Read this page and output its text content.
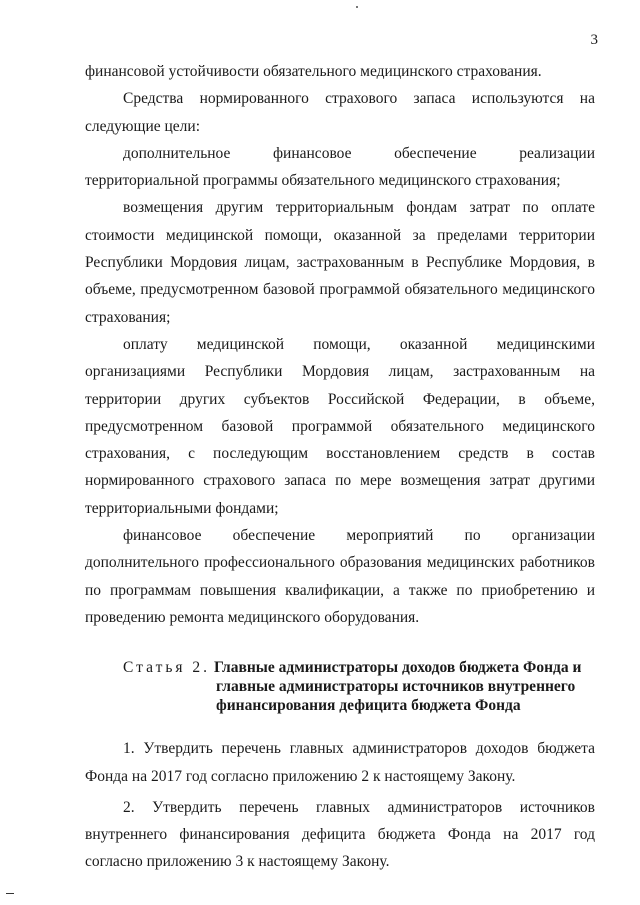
3

финансовой устойчивости обязательного медицинского страхования.

Средства нормированного страхового запаса используются на следующие цели:

дополнительное финансовое обеспечение реализации территориальной программы обязательного медицинского страхования;

возмещения другим территориальным фондам затрат по оплате стоимости медицинской помощи, оказанной за пределами территории Республики Мордовия лицам, застрахованным в Республике Мордовия, в объеме, предусмотренном базовой программой обязательного медицинского страхования;

оплату медицинской помощи, оказанной медицинскими организациями Республики Мордовия лицам, застрахованным на территории других субъектов Российской Федерации, в объеме, предусмотренном базовой программой обязательного медицинского страхования, с последующим восстановлением средств в состав нормированного страхового запаса по мере возмещения затрат другими территориальными фондами;

финансовое обеспечение мероприятий по организации дополнительного профессионального образования медицинских работников по программам повышения квалификации, а также по приобретению и проведению ремонта медицинского оборудования.

Статья 2. Главные администраторы доходов бюджета Фонда и
главные администраторы источников внутреннего
финансирования дефицита бюджета Фонда

1. Утвердить перечень главных администраторов доходов бюджета Фонда на 2017 год согласно приложению 2 к настоящему Закону.

2. Утвердить перечень главных администраторов источников внутреннего финансирования дефицита бюджета Фонда на 2017 год согласно приложению 3 к настоящему Закону.
